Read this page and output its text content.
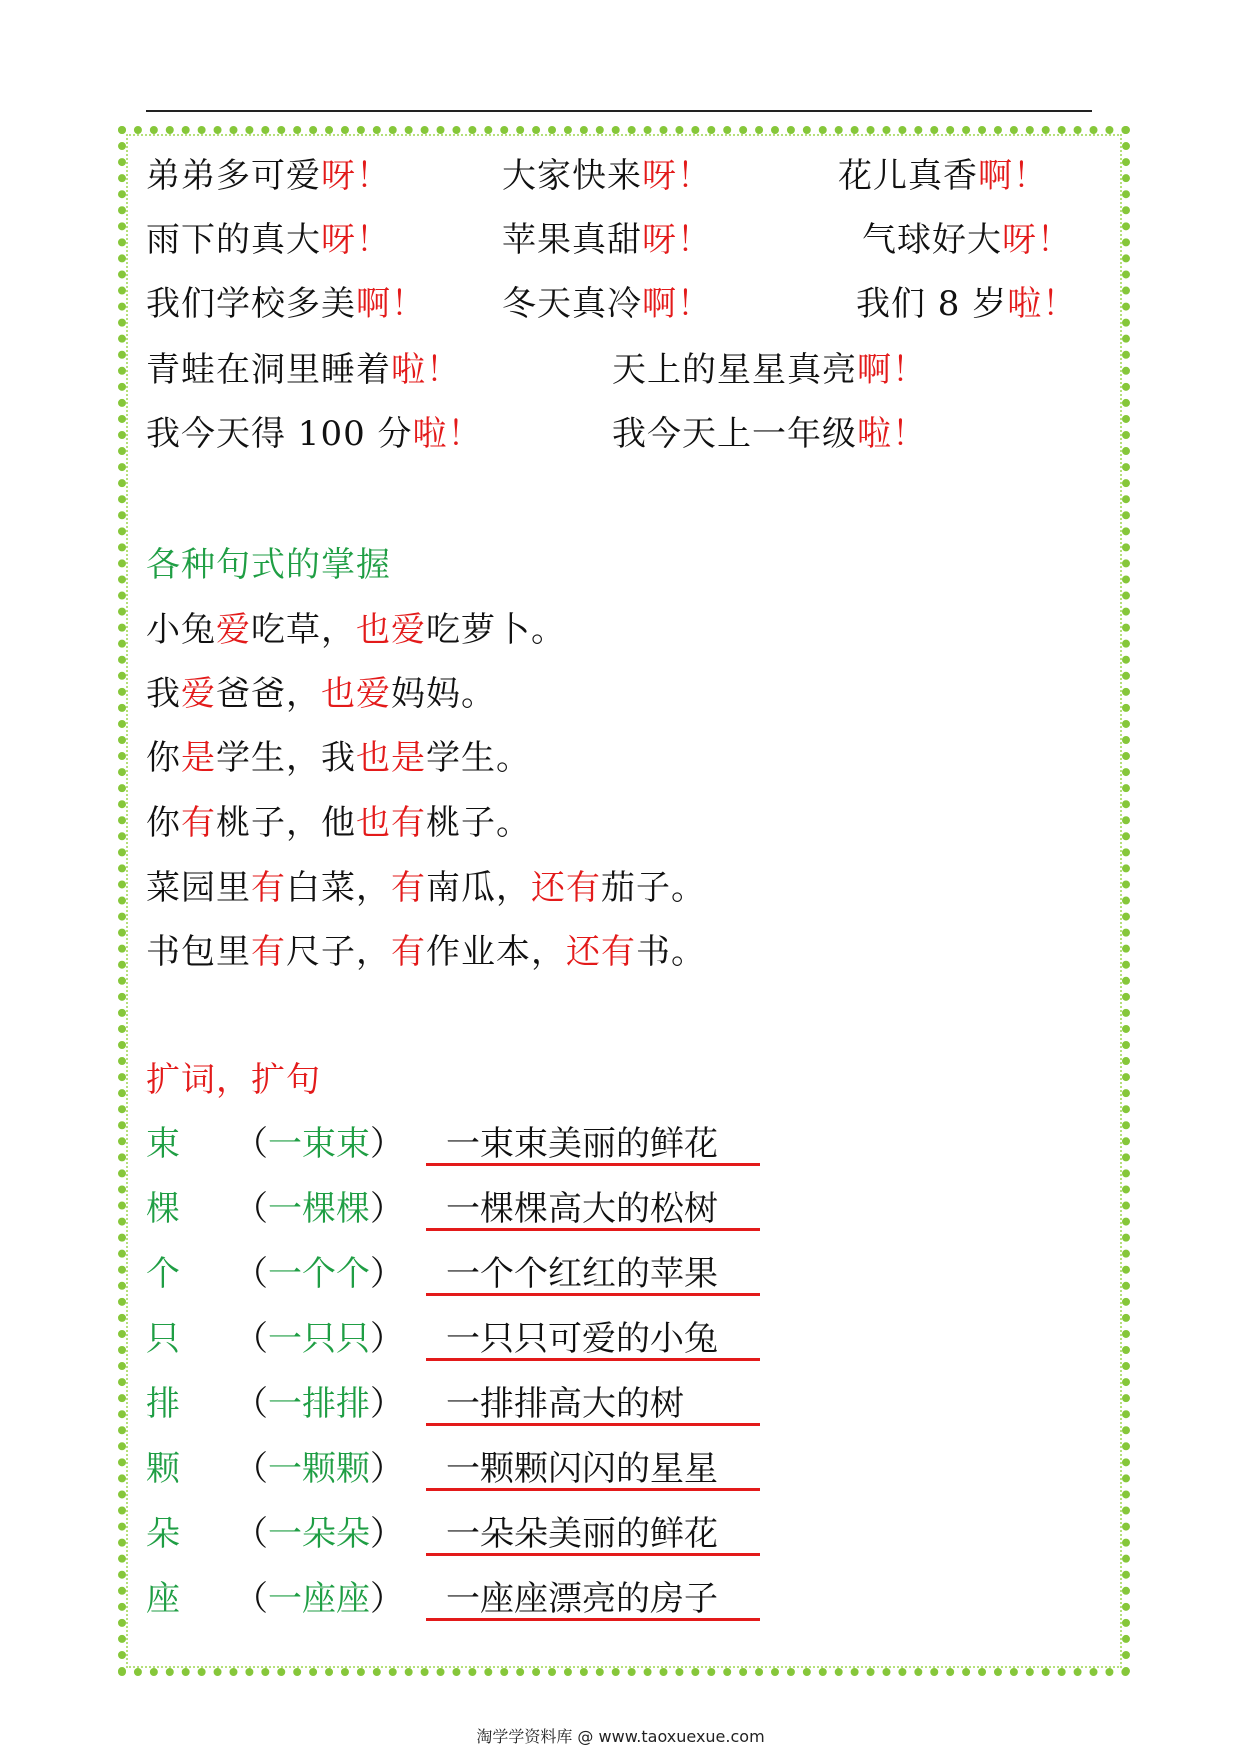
弟弟多可爱呀！	大家快来呀！	花儿真香啊！
雨下的真大呀！	苹果真甜呀！	气球好大呀！
我们学校多美啊！ 冬天真冷啊！	我们 8 岁啦！
青蛙在洞里睡着啦！	天上的星星真亮啊！
我今天得 100 分啦！	我今天上一年级啦！
各种句式的掌握
小兔爱吃草，也爱吃萝卜。
我爱爸爸，也爱妈妈。
你是学生，我也是学生。
你有桃子，他也有桃子。
菜园里有白菜，有南瓜，还有茄子。
书包里有尺子，有作业本，还有书。
扩词，扩句
束 （一束束） 一束束美丽的鲜花
棵 （一棵棵） 一棵棵高大的松树
个 （一个个） 一个个红红的苹果
只 （一只只） 一只只可爱的小兔
排 （一排排） 一排排高大的树
颗 （一颗颗） 一颗颗闪闪的星星
朵 （一朵朵） 一朵朵美丽的鲜花
座 （一座座） 一座座漂亮的房子
淘学学资料库 @ www.taoxuexue.com
